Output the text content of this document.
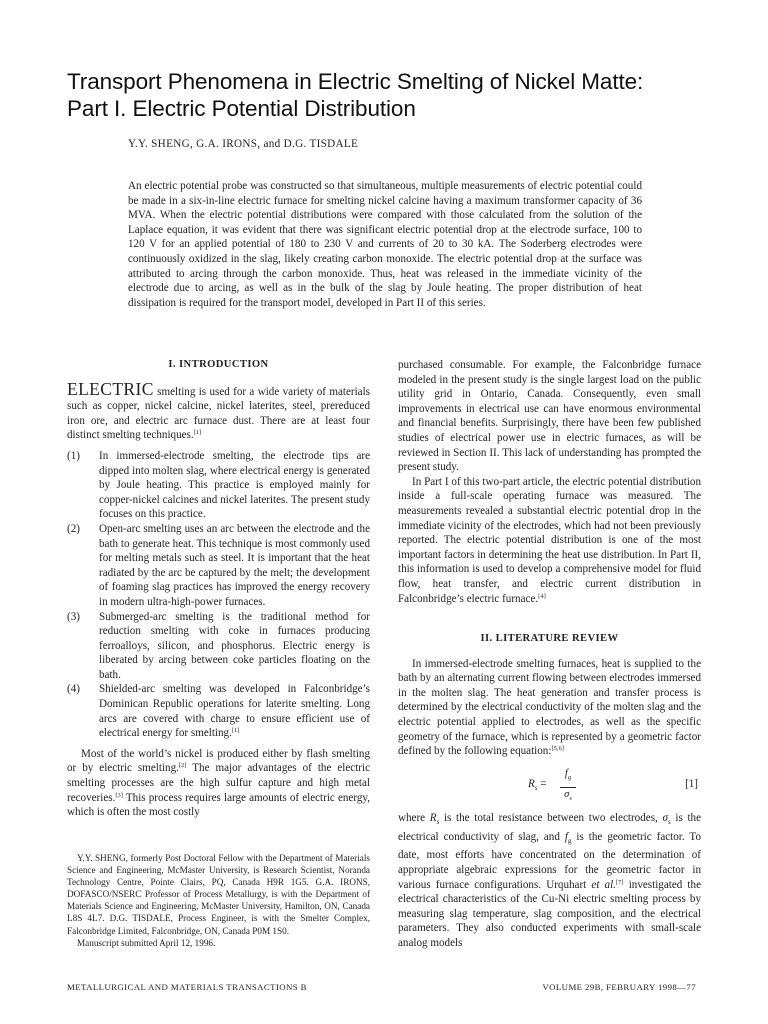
Transport Phenomena in Electric Smelting of Nickel Matte:
Part I. Electric Potential Distribution
Y.Y. SHENG, G.A. IRONS, and D.G. TISDALE

An electric potential probe was constructed so that simultaneous, multiple measurements of electric potential could be made in a six-in-line electric furnace for smelting nickel calcine having a maximum transformer capacity of 36 MVA. When the electric potential distributions were compared with those calculated from the solution of the Laplace equation, it was evident that there was significant electric potential drop at the electrode surface, 100 to 120 V for an applied potential of 180 to 230 V and currents of 20 to 30 kA. The Soderberg electrodes were continuously oxidized in the slag, likely creating carbon monoxide. The electric potential drop at the surface was attributed to arcing through the carbon monoxide. Thus, heat was released in the immediate vicinity of the electrode due to arcing, as well as in the bulk of the slag by Joule heating. The proper distribution of heat dissipation is required for the transport model, developed in Part II of this series.

I. INTRODUCTION

ELECTRIC smelting is used for a wide variety of materials such as copper, nickel calcine, nickel laterites, steel, prereduced iron ore, and electric arc furnace dust. There are at least four distinct smelting techniques.[1]

(1) In immersed-electrode smelting, the electrode tips are dipped into molten slag, where electrical energy is generated by Joule heating. This practice is employed mainly for copper-nickel calcines and nickel laterites. The present study focuses on this practice.
(2) Open-arc smelting uses an arc between the electrode and the bath to generate heat. This technique is most commonly used for melting metals such as steel. It is important that the heat radiated by the arc be captured by the melt; the development of foaming slag practices has improved the energy recovery in modern ultra-high-power furnaces.
(3) Submerged-arc smelting is the traditional method for reduction smelting with coke in furnaces producing ferroalloys, silicon, and phosphorus. Electric energy is liberated by arcing between coke particles floating on the bath.
(4) Shielded-arc smelting was developed in Falconbridge’s Dominican Republic operations for laterite smelting. Long arcs are covered with charge to ensure efficient use of electrical energy for smelting.[1]

Most of the world’s nickel is produced either by flash smelting or by electric smelting.[2] The major advantages of the electric smelting processes are the high sulfur capture and high metal recoveries.[3] This process requires large amounts of electric energy, which is often the most costly

purchased consumable. For example, the Falconbridge furnace modeled in the present study is the single largest load on the public utility grid in Ontario, Canada. Consequently, even small improvements in electrical use can have enormous environmental and financial benefits. Surprisingly, there have been few published studies of electrical power use in electric furnaces, as will be reviewed in Section II. This lack of understanding has prompted the present study.

In Part I of this two-part article, the electric potential distribution inside a full-scale operating furnace was measured. The measurements revealed a substantial electric potential drop in the immediate vicinity of the electrodes, which had not been previously reported. The electric potential distribution is one of the most important factors in determining the heat use distribution. In Part II, this information is used to develop a comprehensive model for fluid flow, heat transfer, and electric current distribution in Falconbridge’s electric furnace.[4]

II. LITERATURE REVIEW

In immersed-electrode smelting furnaces, heat is supplied to the bath by an alternating current flowing between electrodes immersed in the molten slag. The heat generation and transfer process is determined by the electrical conductivity of the molten slag and the electric potential applied to electrodes, as well as the specific geometry of the furnace, which is represented by a geometric factor defined by the following equation:[5,6]

$R_s = \frac{f_g}{\sigma_s}$	[1]

where $R_s$ is the total resistance between two electrodes, $\sigma_s$ is the electrical conductivity of slag, and $f_g$ is the geometric factor. To date, most efforts have concentrated on the determination of appropriate algebraic expressions for the geometric factor in various furnace configurations. Urquhart et al.[7] investigated the electrical characteristics of the Cu-Ni electric smelting process by measuring slag temperature, slag composition, and the electrical parameters. They also conducted experiments with small-scale analog models

Y.Y. SHENG, formerly Post Doctoral Fellow with the Department of Materials Science and Engineering, McMaster University, is Research Scientist, Noranda Technology Centre, Pointe Clairs, PQ, Canada H9R 1G5. G.A. IRONS, DOFASCO/NSERC Professor of Process Metallurgy, is with the Department of Materials Science and Engineering, McMaster University, Hamilton, ON, Canada L8S 4L7. D.G. TISDALE, Process Engineer, is with the Smelter Complex, Falconbridge Limited, Falconbridge, ON, Canada P0M 1S0.

Manuscript submitted April 12, 1996.

METALLURGICAL AND MATERIALS TRANSACTIONS B	VOLUME 29B, FEBRUARY 1998—77
